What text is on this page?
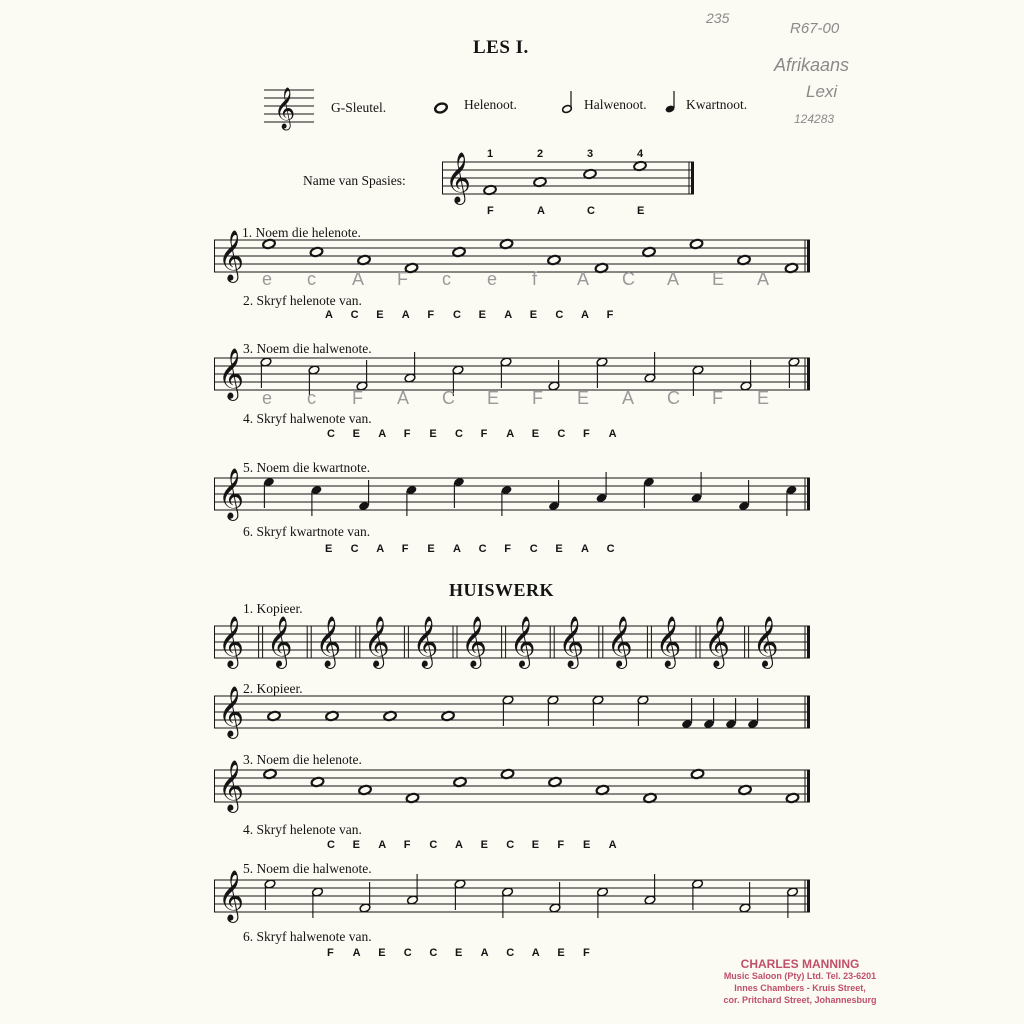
LES I.
235
R67-00
Afrikaans
Lexi
124283
𝄞	G-Sleutel.	Helenoot.	Halwenoot.	Kwartnoot.
Name van Spasies: 𝄞 1
F
2
A
3
C
4
E
1. Noem die helenote.
𝄞 e c A F c e f A C A E A
2. Skryf helenote van.
A C E A F C E A E C A F
3. Noem die halwenote.
𝄞 e c F A C E F E A C F E
4. Skryf halwenote van.
C E A F E C F A E C F A
5. Noem die kwartnote.
𝄞
6. Skryf kwartnote van.
E C A F E A C F C E A C
HUISWERK
1. Kopieer.
𝄞 𝄞 𝄞 𝄞 𝄞 𝄞 𝄞 𝄞 𝄞 𝄞 𝄞 𝄞
2. Kopieer.
𝄞
3. Noem die helenote.
𝄞
4. Skryf helenote van.
C E A F C A E C E F E A
5. Noem die halwenote.
𝄞
6. Skryf halwenote van.
F A E C C E A C A E F
CHARLES MANNING
Music Saloon (Pty) Ltd. Tel. 23-6201
Innes Chambers - Kruis Street,
cor. Pritchard Street, Johannesburg
